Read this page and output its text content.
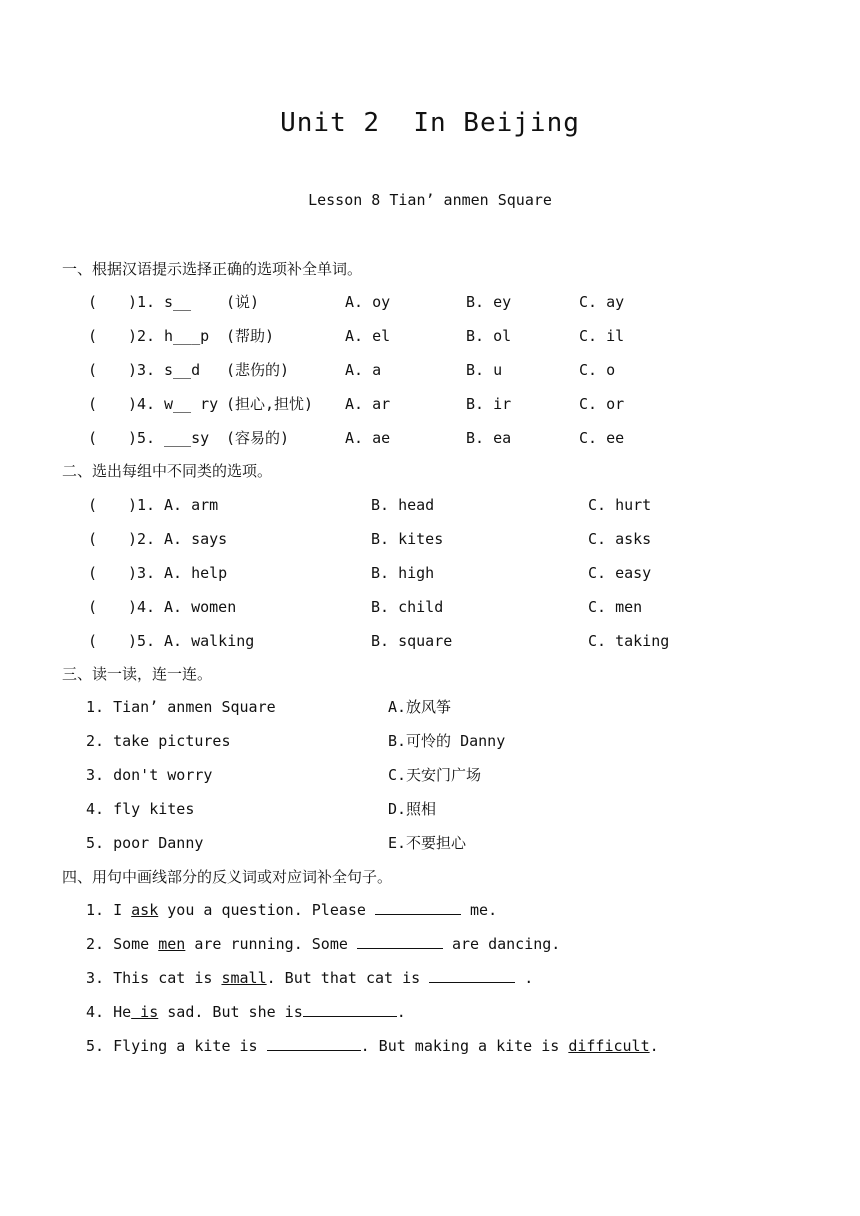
Unit 2  In Beijing
Lesson 8 Tian’ anmen Square
一、根据汉语提示选择正确的选项补全单词。
( )1. s__ (说)	A. oy	B. ey	C. ay
( )2. h___p (帮助)	A. el	B. ol	C. il
( )3. s__d (悲伤的)	A. a	B. u	C. o
( )4. w__ ry (担心,担忧) A. ar	B. ir	C. or
( )5. ___sy (容易的)	A. ae	B. ea	C. ee
二、选出每组中不同类的选项。
( )1. A. arm	B. head	C. hurt
( )2. A. says	B. kites	C. asks
( )3. A. help	B. high	C. easy
( )4. A. women	B. child	C. men
( )5. A. walking	B. square	C. taking
三、读一读，连一连。
1. Tian’ anmen Square	A.放风筝
2. take pictures	B.可怜的 Danny
3. don't worry	C.天安门广场
4. fly kites	D.照相
5. poor Danny	E.不要担心
四、用句中画线部分的反义词或对应词补全句子。
1. I ask you a question. Please	me.
2. Some men are running. Some	are dancing.
3. This cat is small. But that cat is	.
4. He is sad. But she is	.
5. Flying a kite is	. But making a kite is difficult.
